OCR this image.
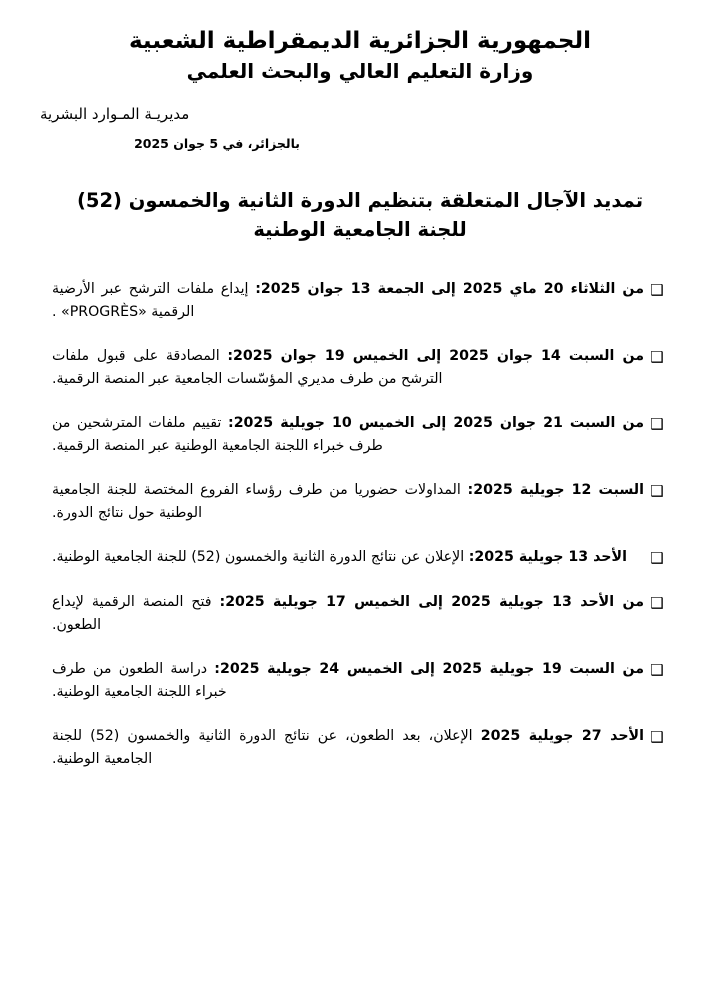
الجمهورية الجزائرية الديمقراطية الشعبية
وزارة التعليم العالي والبحث العلمي
مديريـة المـوارد البشرية
بالجزائر، في 5 جوان 2025
تمديد الآجال المتعلقة بتنظيم الدورة الثانية والخمسون (52)
للجنة الجامعية الوطنية
❑
من الثلاثاء 20 ماي 2025 إلى الجمعة 13 جوان 2025: إيداع ملفات الترشح عبر الأرضية الرقمية «PROGRÈS» .
❑
من السبت 14 جوان 2025 إلى الخميس 19 جوان 2025: المصادقة على قبول ملفات الترشح من طرف مديري المؤسّسات الجامعية عبر المنصة الرقمية.
❑
من السبت 21 جوان 2025 إلى الخميس 10 جويلية 2025: تقييم ملفات المترشحين من طرف خبراء اللجنة الجامعية الوطنية عبر المنصة الرقمية.
❑
السبت 12 جويلية 2025: المداولات حضوريا من طرف رؤساء الفروع المختصة للجنة الجامعية الوطنية حول نتائج الدورة.
❑
الأحد 13 جويلية 2025: الإعلان عن نتائج الدورة الثانية والخمسون (52) للجنة الجامعية الوطنية.
❑
من الأحد 13 جويلية 2025 إلى الخميس 17 جويلية 2025: فتح المنصة الرقمية لإيداع الطعون.
❑
من السبت 19 جويلية 2025 إلى الخميس 24 جويلية 2025: دراسة الطعون من طرف خبراء اللجنة الجامعية الوطنية.
❑
الأحد 27 جويلية 2025 الإعلان، بعد الطعون، عن نتائج الدورة الثانية والخمسون (52) للجنة الجامعية الوطنية.
